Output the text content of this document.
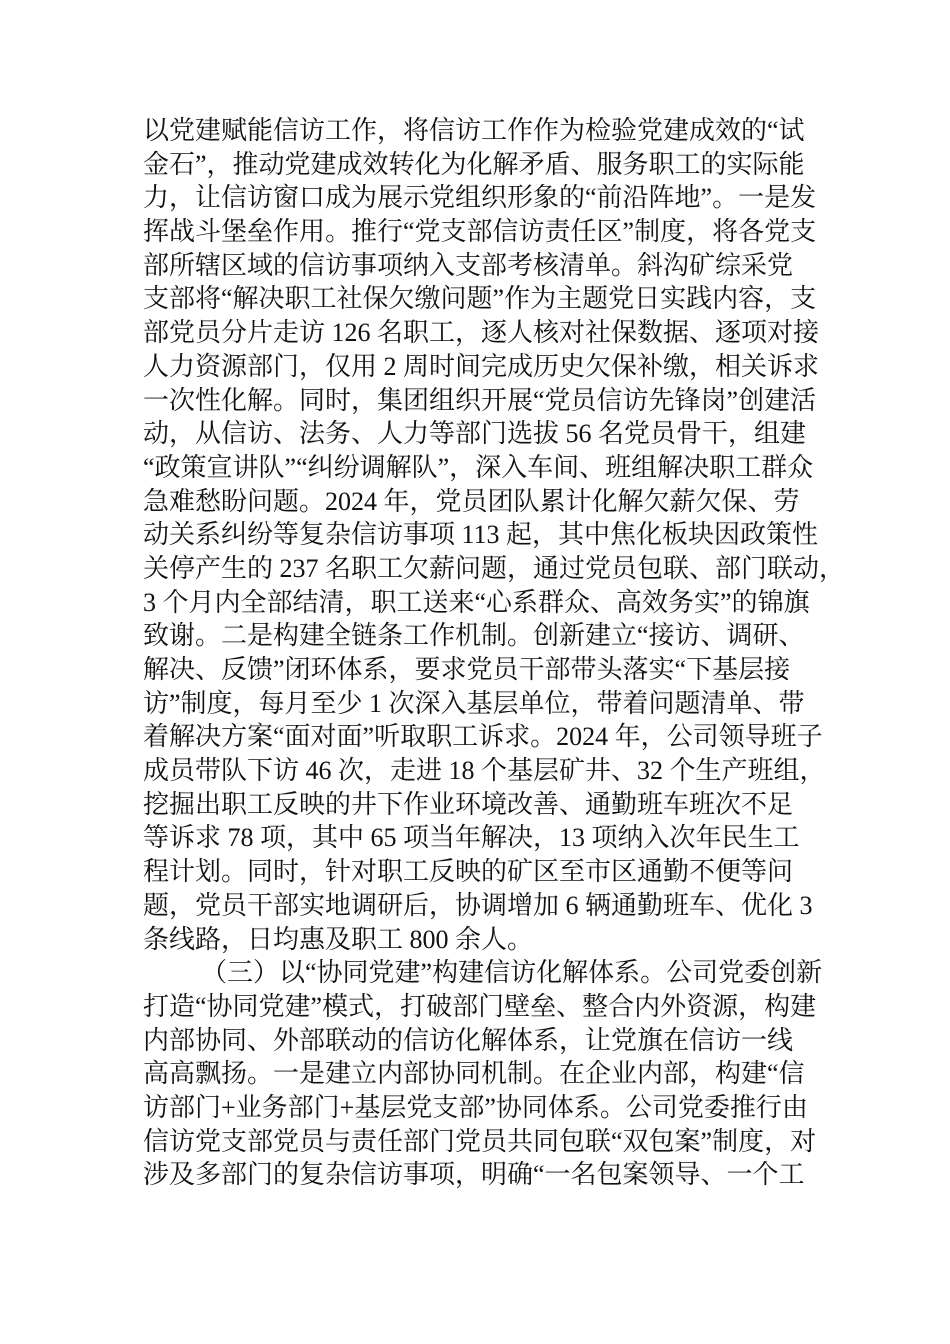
以党建赋能信访工作，将信访工作作为检验党建成效的“试
金石”，推动党建成效转化为化解矛盾、服务职工的实际能
力，让信访窗口成为展示党组织形象的“前沿阵地”。一是发
挥战斗堡垒作用。推行“党支部信访责任区”制度，将各党支
部所辖区域的信访事项纳入支部考核清单。斜沟矿综采党
支部将“解决职工社保欠缴问题”作为主题党日实践内容，支
部党员分片走访 126 名职工，逐人核对社保数据、逐项对接
人力资源部门，仅用 2 周时间完成历史欠保补缴，相关诉求
一次性化解。同时，集团组织开展“党员信访先锋岗”创建活
动，从信访、法务、人力等部门选拔 56 名党员骨干，组建
“政策宣讲队”“纠纷调解队”，深入车间、班组解决职工群众
急难愁盼问题。2024 年，党员团队累计化解欠薪欠保、劳
动关系纠纷等复杂信访事项 113 起，其中焦化板块因政策性
关停产生的 237 名职工欠薪问题，通过党员包联、部门联动，
3 个月内全部结清，职工送来“心系群众、高效务实”的锦旗
致谢。二是构建全链条工作机制。创新建立“接访、调研、
解决、反馈”闭环体系，要求党员干部带头落实“下基层接
访”制度，每月至少 1 次深入基层单位，带着问题清单、带
着解决方案“面对面”听取职工诉求。2024 年，公司领导班子
成员带队下访 46 次，走进 18 个基层矿井、32 个生产班组，
挖掘出职工反映的井下作业环境改善、通勤班车班次不足
等诉求 78 项，其中 65 项当年解决，13 项纳入次年民生工
程计划。同时，针对职工反映的矿区至市区通勤不便等问
题，党员干部实地调研后，协调增加 6 辆通勤班车、优化 3
条线路，日均惠及职工 800 余人。
（三）以“协同党建”构建信访化解体系。公司党委创新
打造“协同党建”模式，打破部门壁垒、整合内外资源，构建
内部协同、外部联动的信访化解体系，让党旗在信访一线
高高飘扬。一是建立内部协同机制。在企业内部，构建“信
访部门+业务部门+基层党支部”协同体系。公司党委推行由
信访党支部党员与责任部门党员共同包联“双包案”制度，对
涉及多部门的复杂信访事项，明确“一名包案领导、一个工
